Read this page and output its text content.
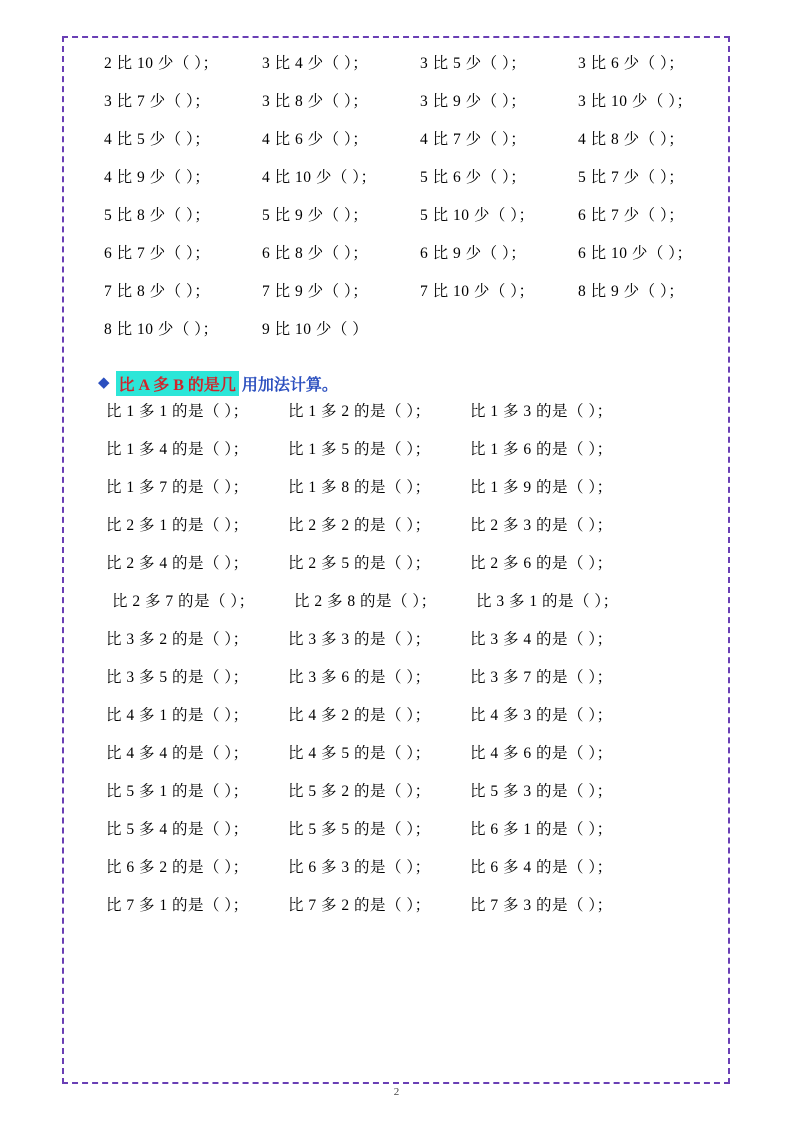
2 比 10 少（ ）；	3 比 4 少（ ）；	3 比 5 少（ ）；	3 比 6 少（ ）；
3 比 7 少（ ）；	3 比 8 少（ ）；	3 比 9 少（ ）；	3 比 10 少（ ）；
4 比 5 少（ ）；	4 比 6 少（ ）；	4 比 7 少（ ）；	4 比 8 少（ ）；
4 比 9 少（ ）；	4 比 10 少（ ）；	5 比 6 少（ ）；	5 比 7 少（ ）；
5 比 8 少（ ）；	5 比 9 少（ ）；	5 比 10 少（ ）；	6 比 7 少（ ）；
6 比 7 少（ ）；	6 比 8 少（ ）；	6 比 9 少（ ）；	6 比 10 少（ ）；
7 比 8 少（ ）；	7 比 9 少（ ）；	7 比 10 少（ ）；	8 比 9 少（ ）；
8 比 10 少（ ）；	9 比 10 少（ ）
◆ 比 A 多 B 的是几 用加法计算。
比 1 多 1 的是（ ）；	比 1 多 2 的是（ ）；	比 1 多 3 的是（ ）；
比 1 多 4 的是（ ）；	比 1 多 5 的是（ ）；	比 1 多 6 的是（ ）；
比 1 多 7 的是（ ）；	比 1 多 8 的是（ ）；	比 1 多 9 的是（ ）；
比 2 多 1 的是（ ）；	比 2 多 2 的是（ ）；	比 2 多 3 的是（ ）；
比 2 多 4 的是（ ）；	比 2 多 5 的是（ ）；	比 2 多 6 的是（ ）；
比 2 多 7 的是（ ）；	比 2 多 8 的是（ ）；	比 3 多 1 的是（ ）；
比 3 多 2 的是（ ）；	比 3 多 3 的是（ ）；	比 3 多 4 的是（ ）；
比 3 多 5 的是（ ）；	比 3 多 6 的是（ ）；	比 3 多 7 的是（ ）；
比 4 多 1 的是（ ）；	比 4 多 2 的是（ ）；	比 4 多 3 的是（ ）；
比 4 多 4 的是（ ）；	比 4 多 5 的是（ ）；	比 4 多 6 的是（ ）；
比 5 多 1 的是（ ）；	比 5 多 2 的是（ ）；	比 5 多 3 的是（ ）；
比 5 多 4 的是（ ）；	比 5 多 5 的是（ ）；	比 6 多 1 的是（ ）；
比 6 多 2 的是（ ）；	比 6 多 3 的是（ ）；	比 6 多 4 的是（ ）；
比 7 多 1 的是（ ）；	比 7 多 2 的是（ ）；	比 7 多 3 的是（ ）；
2
